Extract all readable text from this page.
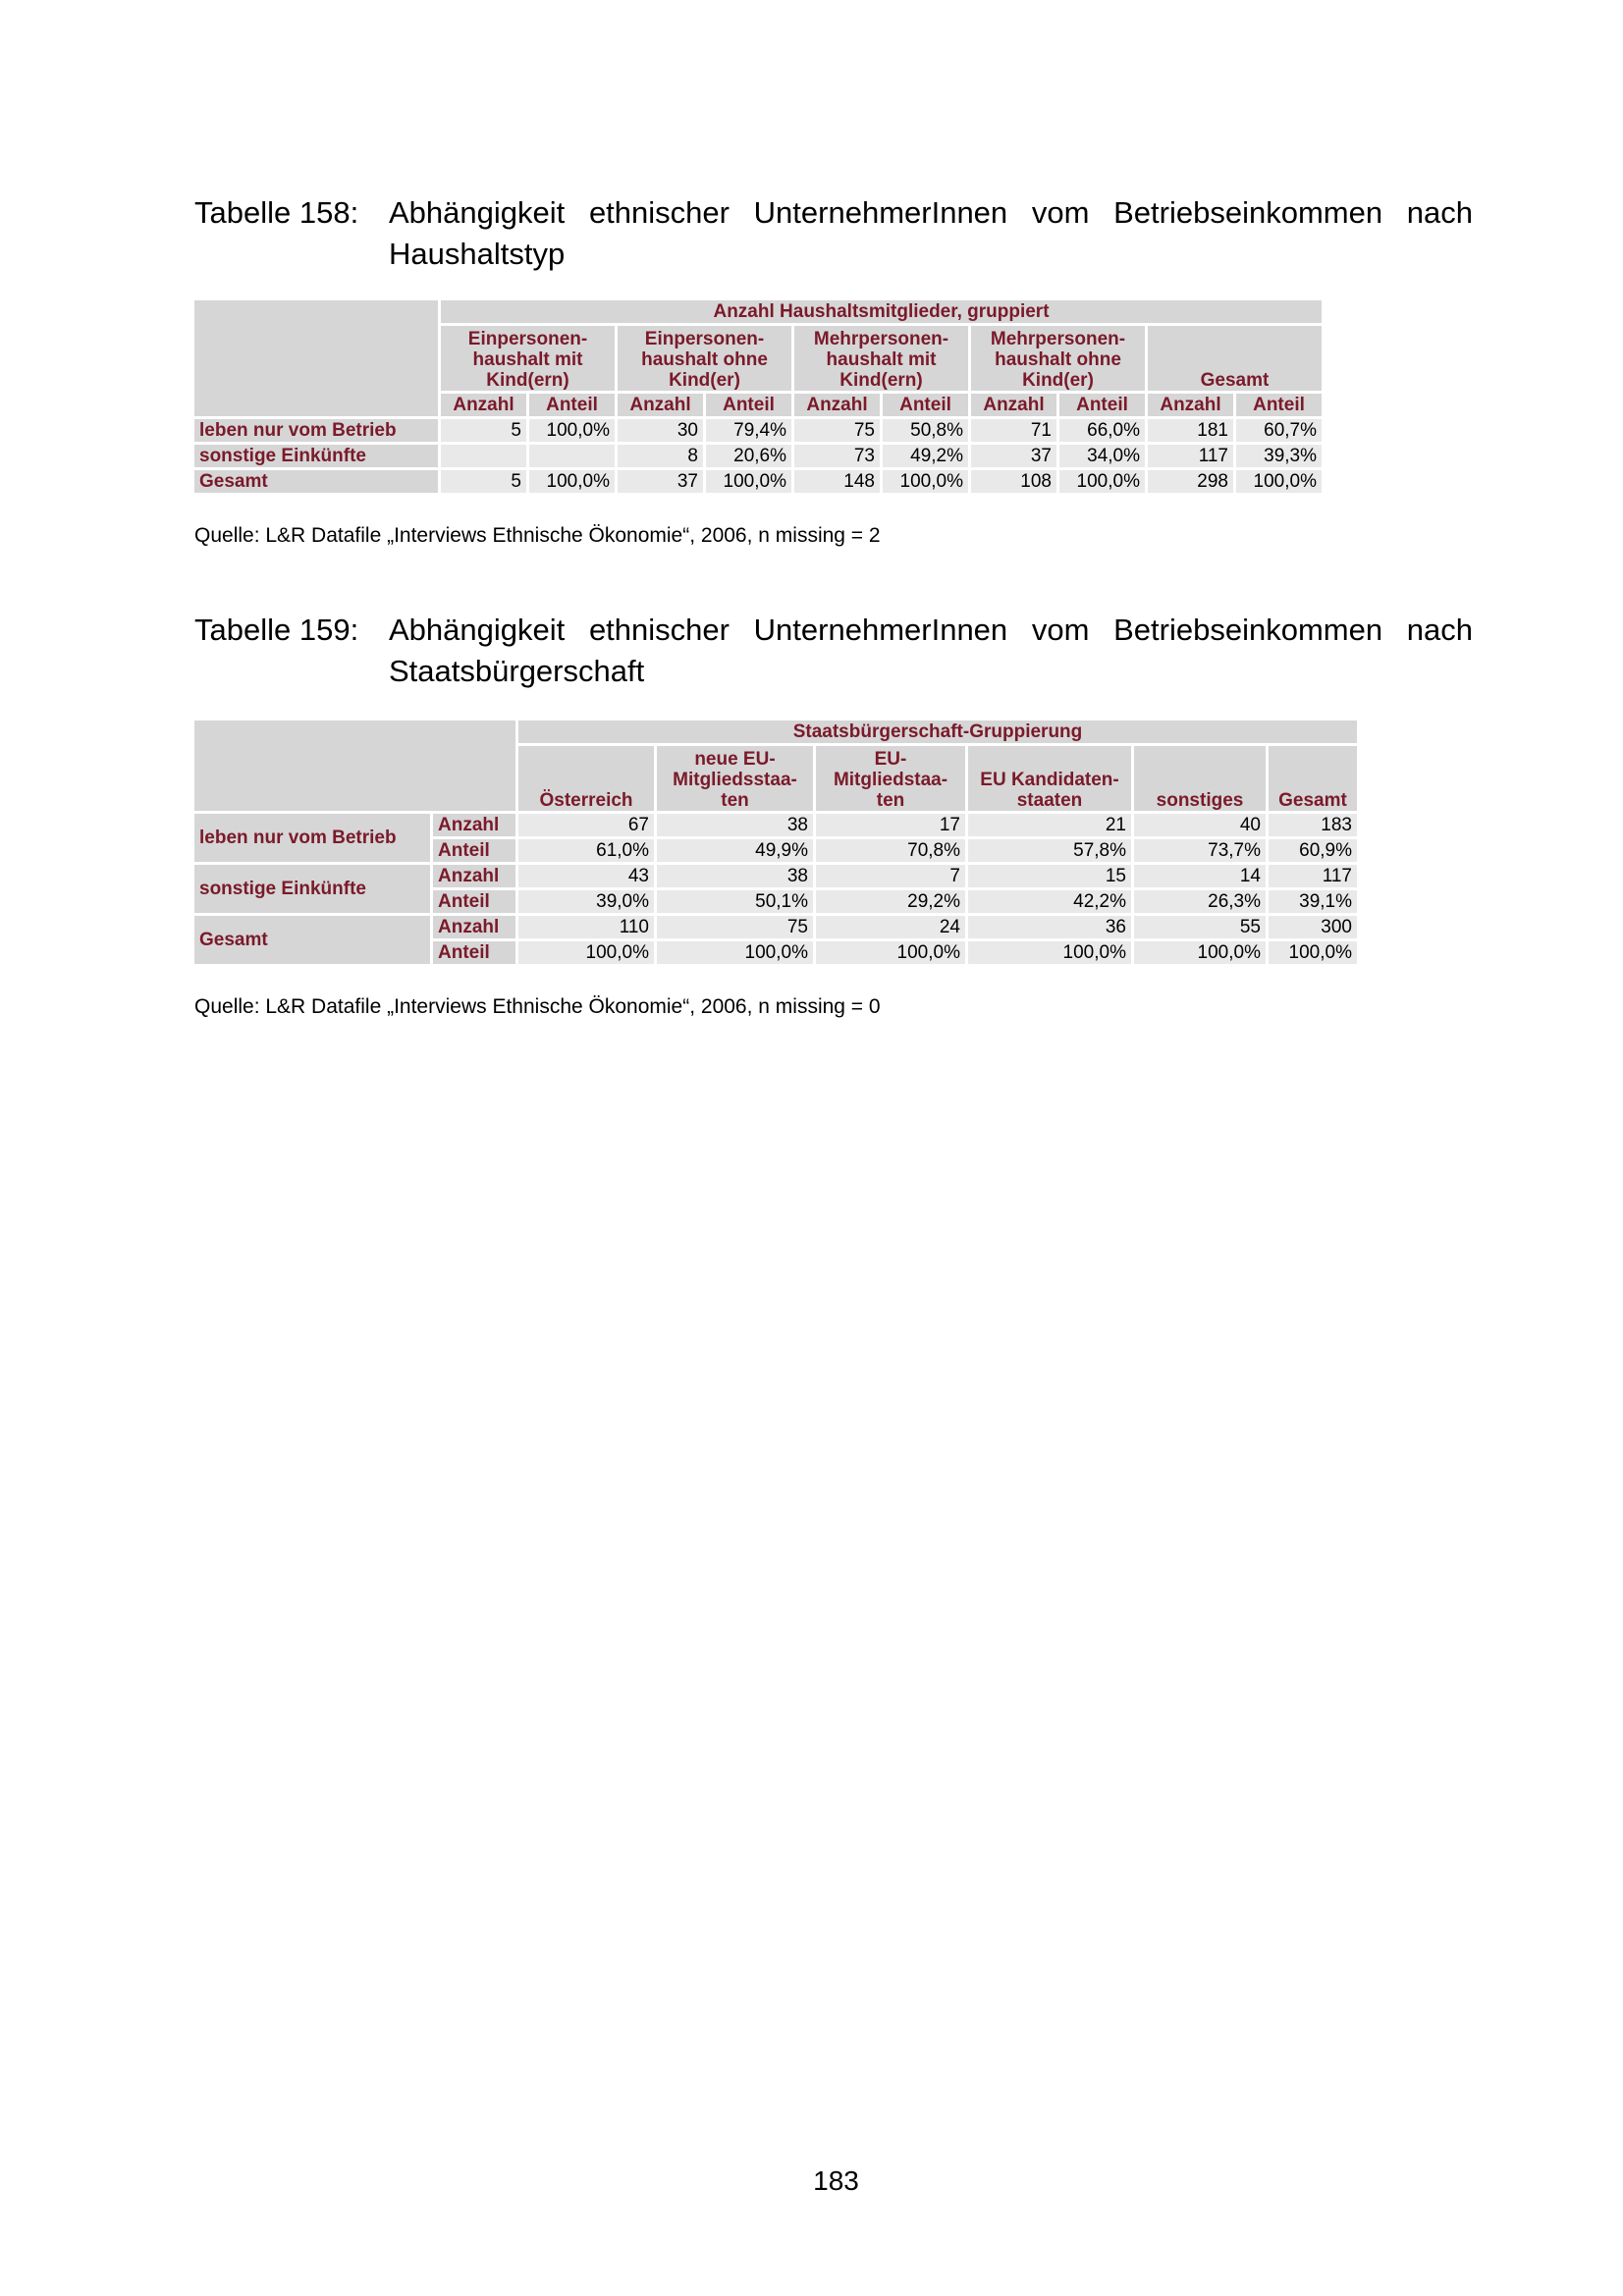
Tabelle 158: Abhängigkeit ethnischer UnternehmerInnen vom Betriebseinkommen nach
Haushaltstyp
	Anzahl Haushaltsmitglieder, gruppiert									
	Einpersonen-
haushalt mit
Kind(ern)		Einpersonen-
haushalt ohne
Kind(er)		Mehrpersonen-
haushalt mit
Kind(ern)		Mehrpersonen-
haushalt ohne
Kind(er)		Gesamt	
	Anzahl	Anteil	Anzahl	Anteil	Anzahl	Anteil	Anzahl	Anteil	Anzahl	Anteil
leben nur vom Betrieb	5	100,0%	30	79,4%	75	50,8%	71	66,0%	181	60,7%
sonstige Einkünfte			8	20,6%	73	49,2%	37	34,0%	117	39,3%
Gesamt	5	100,0%	37	100,0%	148	100,0%	108	100,0%	298	100,0%
Quelle: L&R Datafile „Interviews Ethnische Ökonomie“, 2006, n missing = 2
Tabelle 159: Abhängigkeit ethnischer UnternehmerInnen vom Betriebseinkommen nach
Staatsbürgerschaft
		Staatsbürgerschaft-Gruppierung					
		Österreich	neue EU-
Mitgliedsstaa-
ten	EU-
Mitgliedstaa-
ten	EU Kandidaten-
staaten	sonstiges	Gesamt
leben nur vom Betrieb	Anzahl	67	38	17	21	40	183
	Anteil	61,0%	49,9%	70,8%	57,8%	73,7%	60,9%
sonstige Einkünfte	Anzahl	43	38	7	15	14	117
	Anteil	39,0%	50,1%	29,2%	42,2%	26,3%	39,1%
Gesamt	Anzahl	110	75	24	36	55	300
	Anteil	100,0%	100,0%	100,0%	100,0%	100,0%	100,0%
Quelle: L&R Datafile „Interviews Ethnische Ökonomie“, 2006, n missing = 0
183
